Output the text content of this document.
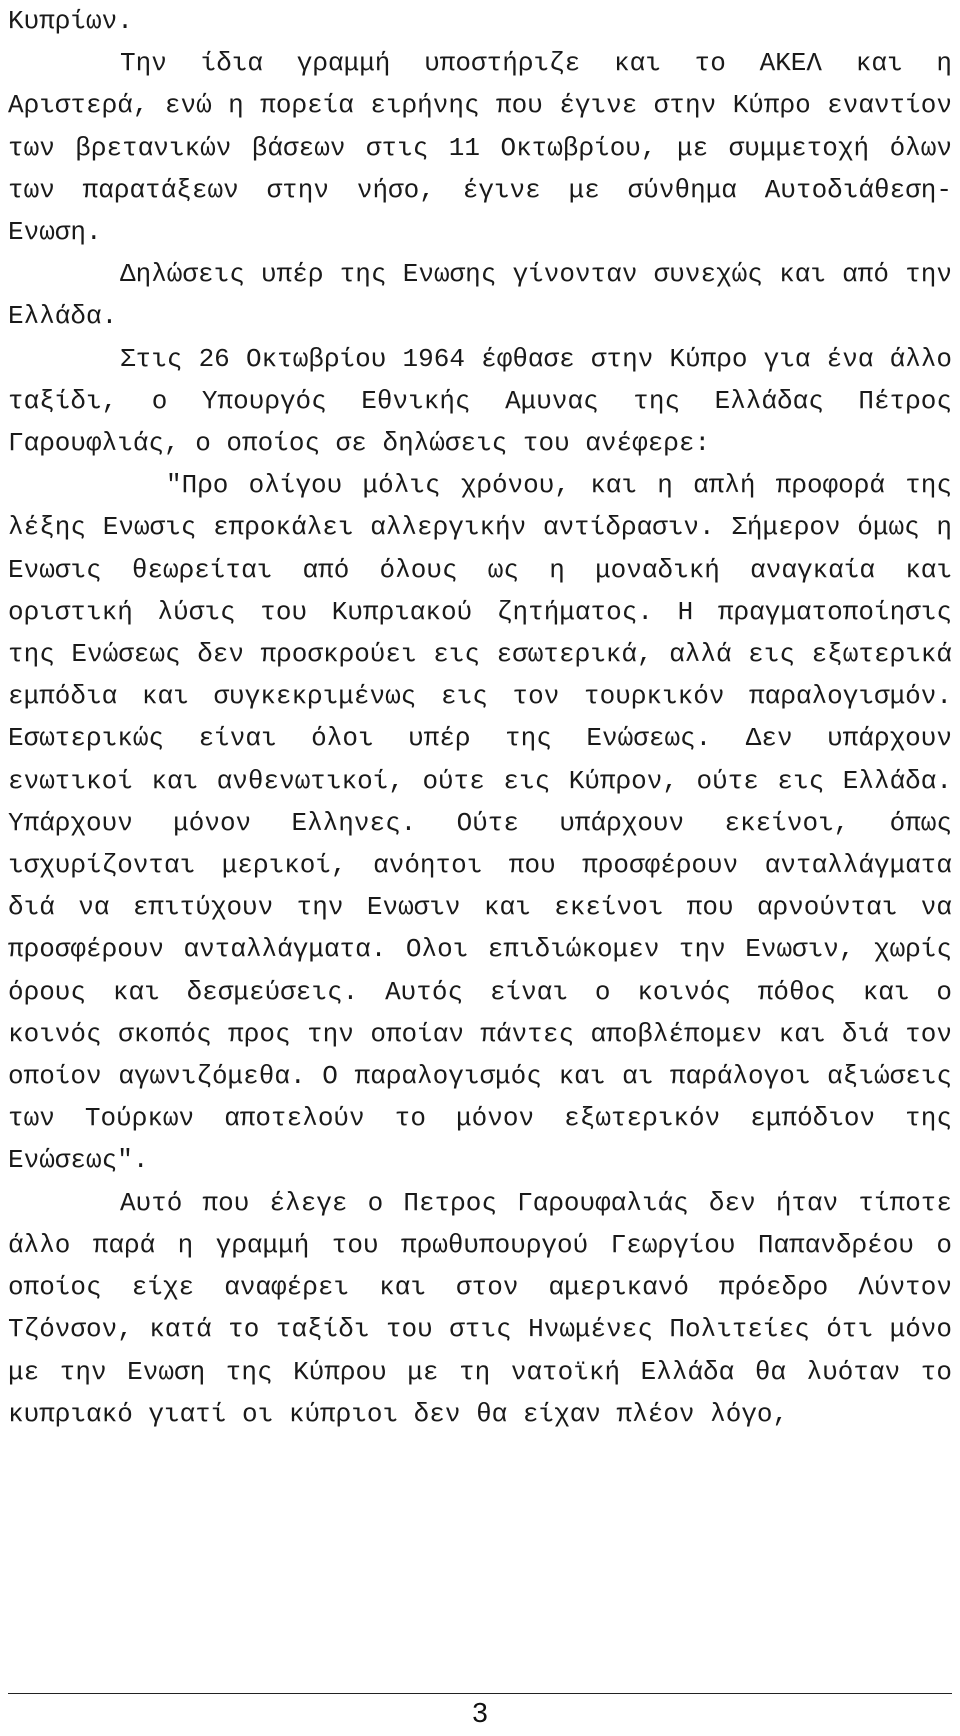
Κυπρίων.

Την ίδια γραμμή υποστήριζε και το ΑΚΕΛ και η Αριστερά, ενώ η πορεία ειρήνης που έγινε στην Κύπρο εναντίον των βρετανικών βάσεων στις 11 Οκτωβρίου, με συμμετοχή όλων των παρατάξεων στην νήσο, έγινε με σύνθημα Αυτοδιάθεση- Ενωση.

Δηλώσεις υπέρ της Ενωσης γίνονταν συνεχώς και από την Ελλάδα.

Στις 26 Οκτωβρίου 1964 έφθασε στην Κύπρο για ένα άλλο ταξίδι, ο Υπουργός Εθνικής Αμυνας της Ελλάδας Πέτρος Γαρουφλιάς, ο οποίος σε δηλώσεις του ανέφερε:

"Προ ολίγου μόλις χρόνου, και η απλή προφορά της λέξης Ενωσις επροκάλει αλλεργικήν αντίδρασιν. Σήμερον όμως η Ενωσις θεωρείται από όλους ως η μοναδική αναγκαία και οριστική λύσις του Κυπριακού ζητήματος. Η πραγματοποίησις της Ενώσεως δεν προσκρούει εις εσωτερικά, αλλά εις εξωτερικά εμπόδια και συγκεκριμένως εις τον τουρκικόν παραλογισμόν. Εσωτερικώς είναι όλοι υπέρ της Ενώσεως. Δεν υπάρχουν ενωτικοί και ανθενωτικοί, ούτε εις Κύπρον, ούτε εις Ελλάδα. Υπάρχουν μόνον Ελληνες. Ούτε υπάρχουν εκείνοι, όπως ισχυρίζονται μερικοί, ανόητοι που προσφέρουν ανταλλάγματα διά να επιτύχουν την Ενωσιν και εκείνοι που αρνούνται να προσφέρουν ανταλλάγματα. Ολοι επιδιώκομεν την Ενωσιν, χωρίς όρους και δεσμεύσεις. Αυτός είναι ο κοινός πόθος και ο κοινός σκοπός προς την οποίαν πάντες αποβλέπομεν και διά τον οποίον αγωνιζόμεθα. Ο παραλογισμός και αι παράλογοι αξιώσεις των Τούρκων αποτελούν το μόνον εξωτερικόν εμπόδιον της Ενώσεως".

Αυτό που έλεγε ο Πετρος Γαρουφαλιάς δεν ήταν τίποτε άλλο παρά η γραμμή του πρωθυπουργού Γεωργίου Παπανδρέου ο οποίος είχε αναφέρει και στον αμερικανό πρόεδρο Λύντον Τζόνσον, κατά το ταξίδι του στις Ηνωμένες Πολιτείες ότι μόνο με την Ενωση της Κύπρου με τη νατοϊκή Ελλάδα θα λυόταν το κυπριακό γιατί οι κύπριοι δεν θα είχαν πλέον λόγο,

3
